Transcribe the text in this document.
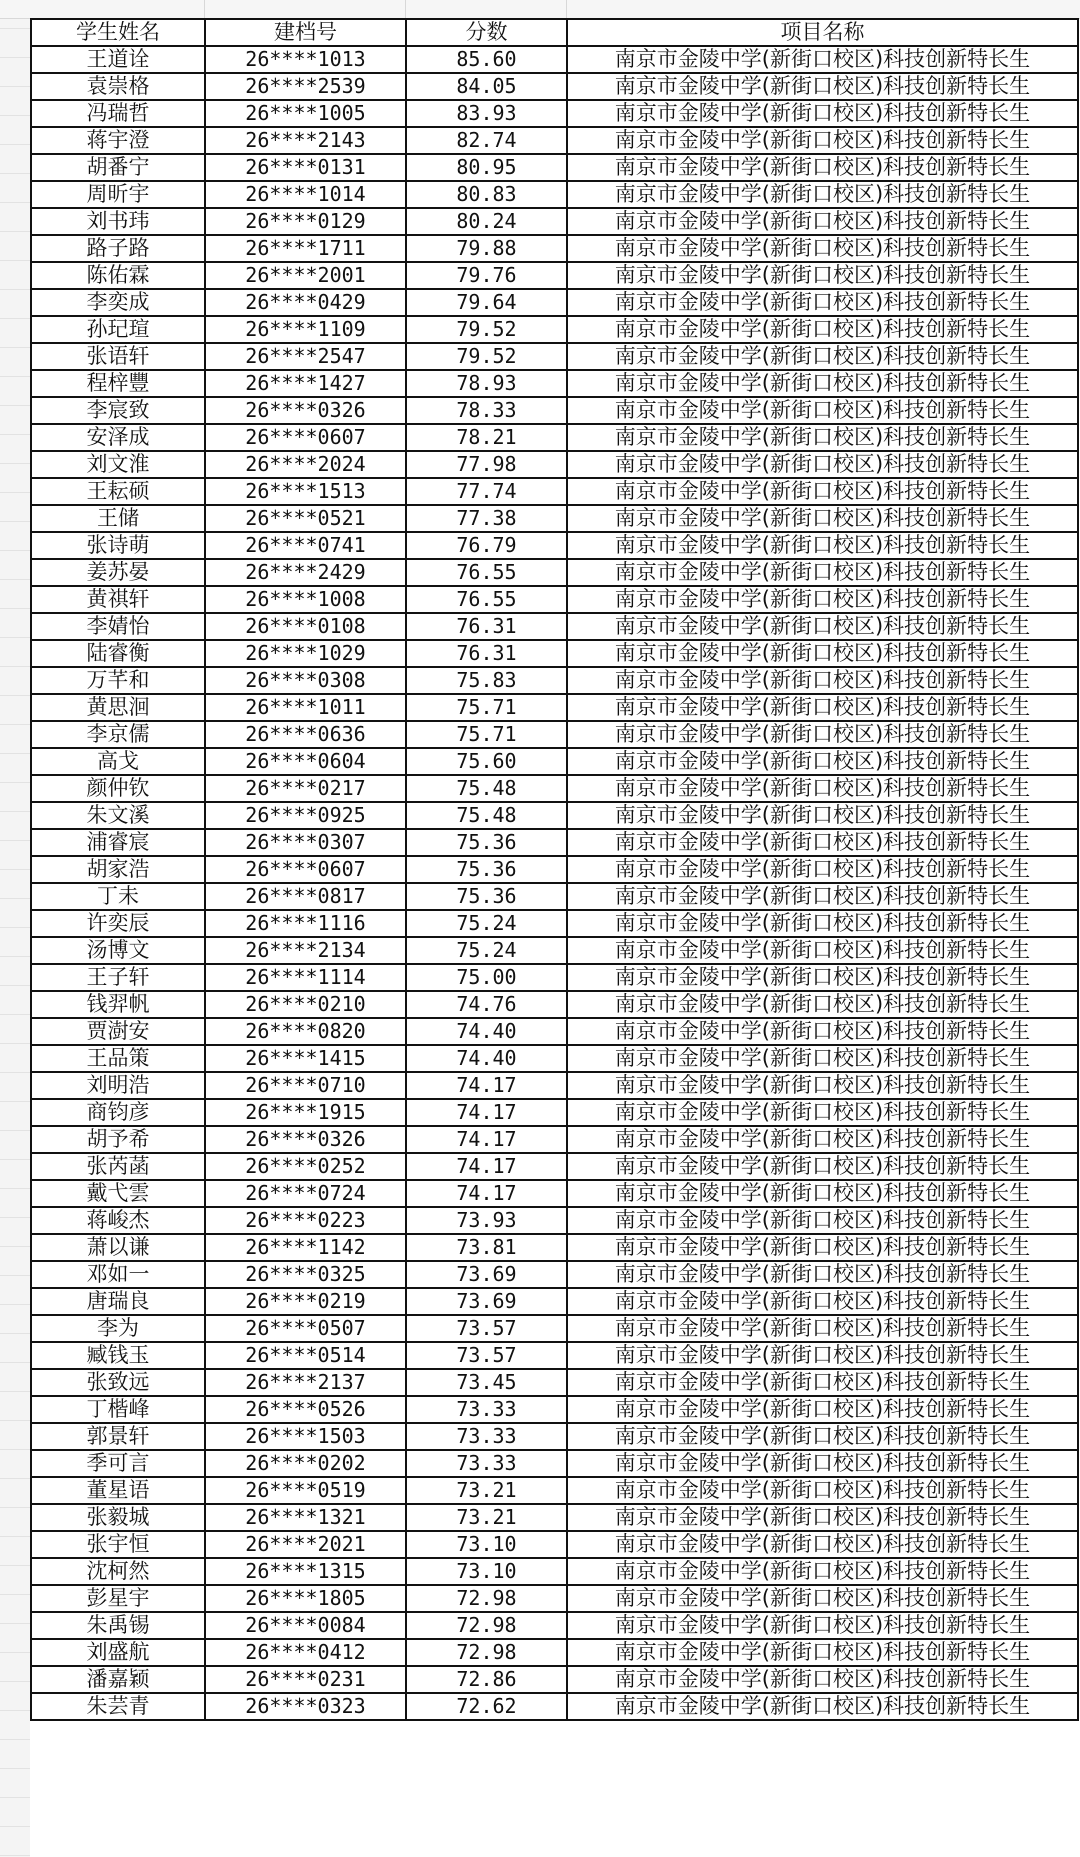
学生姓名	建档号	分数	项目名称
王道诠	26****1013	85.60	南京市金陵中学(新街口校区)科技创新特长生
袁崇格	26****2539	84.05	南京市金陵中学(新街口校区)科技创新特长生
冯瑞哲	26****1005	83.93	南京市金陵中学(新街口校区)科技创新特长生
蒋宇澄	26****2143	82.74	南京市金陵中学(新街口校区)科技创新特长生
胡番宁	26****0131	80.95	南京市金陵中学(新街口校区)科技创新特长生
周昕宇	26****1014	80.83	南京市金陵中学(新街口校区)科技创新特长生
刘书玮	26****0129	80.24	南京市金陵中学(新街口校区)科技创新特长生
路子路	26****1711	79.88	南京市金陵中学(新街口校区)科技创新特长生
陈佑霖	26****2001	79.76	南京市金陵中学(新街口校区)科技创新特长生
李奕成	26****0429	79.64	南京市金陵中学(新街口校区)科技创新特长生
孙玘瑄	26****1109	79.52	南京市金陵中学(新街口校区)科技创新特长生
张语轩	26****2547	79.52	南京市金陵中学(新街口校区)科技创新特长生
程梓豐	26****1427	78.93	南京市金陵中学(新街口校区)科技创新特长生
李宸致	26****0326	78.33	南京市金陵中学(新街口校区)科技创新特长生
安泽成	26****0607	78.21	南京市金陵中学(新街口校区)科技创新特长生
刘文淮	26****2024	77.98	南京市金陵中学(新街口校区)科技创新特长生
王耘硕	26****1513	77.74	南京市金陵中学(新街口校区)科技创新特长生
王储	26****0521	77.38	南京市金陵中学(新街口校区)科技创新特长生
张诗萌	26****0741	76.79	南京市金陵中学(新街口校区)科技创新特长生
姜苏晏	26****2429	76.55	南京市金陵中学(新街口校区)科技创新特长生
黄祺轩	26****1008	76.55	南京市金陵中学(新街口校区)科技创新特长生
李婧怡	26****0108	76.31	南京市金陵中学(新街口校区)科技创新特长生
陆睿衡	26****1029	76.31	南京市金陵中学(新街口校区)科技创新特长生
万芊和	26****0308	75.83	南京市金陵中学(新街口校区)科技创新特长生
黄思洄	26****1011	75.71	南京市金陵中学(新街口校区)科技创新特长生
李京儒	26****0636	75.71	南京市金陵中学(新街口校区)科技创新特长生
高戈	26****0604	75.60	南京市金陵中学(新街口校区)科技创新特长生
颜仲钦	26****0217	75.48	南京市金陵中学(新街口校区)科技创新特长生
朱文溪	26****0925	75.48	南京市金陵中学(新街口校区)科技创新特长生
浦睿宸	26****0307	75.36	南京市金陵中学(新街口校区)科技创新特长生
胡家浩	26****0607	75.36	南京市金陵中学(新街口校区)科技创新特长生
丁未	26****0817	75.36	南京市金陵中学(新街口校区)科技创新特长生
许奕辰	26****1116	75.24	南京市金陵中学(新街口校区)科技创新特长生
汤博文	26****2134	75.24	南京市金陵中学(新街口校区)科技创新特长生
王子轩	26****1114	75.00	南京市金陵中学(新街口校区)科技创新特长生
钱羿帆	26****0210	74.76	南京市金陵中学(新街口校区)科技创新特长生
贾澍安	26****0820	74.40	南京市金陵中学(新街口校区)科技创新特长生
王品策	26****1415	74.40	南京市金陵中学(新街口校区)科技创新特长生
刘明浩	26****0710	74.17	南京市金陵中学(新街口校区)科技创新特长生
商钧彦	26****1915	74.17	南京市金陵中学(新街口校区)科技创新特长生
胡予希	26****0326	74.17	南京市金陵中学(新街口校区)科技创新特长生
张芮菡	26****0252	74.17	南京市金陵中学(新街口校区)科技创新特长生
戴弋雲	26****0724	74.17	南京市金陵中学(新街口校区)科技创新特长生
蒋峻杰	26****0223	73.93	南京市金陵中学(新街口校区)科技创新特长生
萧以谦	26****1142	73.81	南京市金陵中学(新街口校区)科技创新特长生
邓如一	26****0325	73.69	南京市金陵中学(新街口校区)科技创新特长生
唐瑞良	26****0219	73.69	南京市金陵中学(新街口校区)科技创新特长生
李为	26****0507	73.57	南京市金陵中学(新街口校区)科技创新特长生
臧钱玉	26****0514	73.57	南京市金陵中学(新街口校区)科技创新特长生
张致远	26****2137	73.45	南京市金陵中学(新街口校区)科技创新特长生
丁楷峰	26****0526	73.33	南京市金陵中学(新街口校区)科技创新特长生
郭景轩	26****1503	73.33	南京市金陵中学(新街口校区)科技创新特长生
季可言	26****0202	73.33	南京市金陵中学(新街口校区)科技创新特长生
董星语	26****0519	73.21	南京市金陵中学(新街口校区)科技创新特长生
张毅城	26****1321	73.21	南京市金陵中学(新街口校区)科技创新特长生
张宇恒	26****2021	73.10	南京市金陵中学(新街口校区)科技创新特长生
沈柯然	26****1315	73.10	南京市金陵中学(新街口校区)科技创新特长生
彭星宇	26****1805	72.98	南京市金陵中学(新街口校区)科技创新特长生
朱禹锡	26****0084	72.98	南京市金陵中学(新街口校区)科技创新特长生
刘盛航	26****0412	72.98	南京市金陵中学(新街口校区)科技创新特长生
潘嘉颖	26****0231	72.86	南京市金陵中学(新街口校区)科技创新特长生
朱芸青	26****0323	72.62	南京市金陵中学(新街口校区)科技创新特长生
